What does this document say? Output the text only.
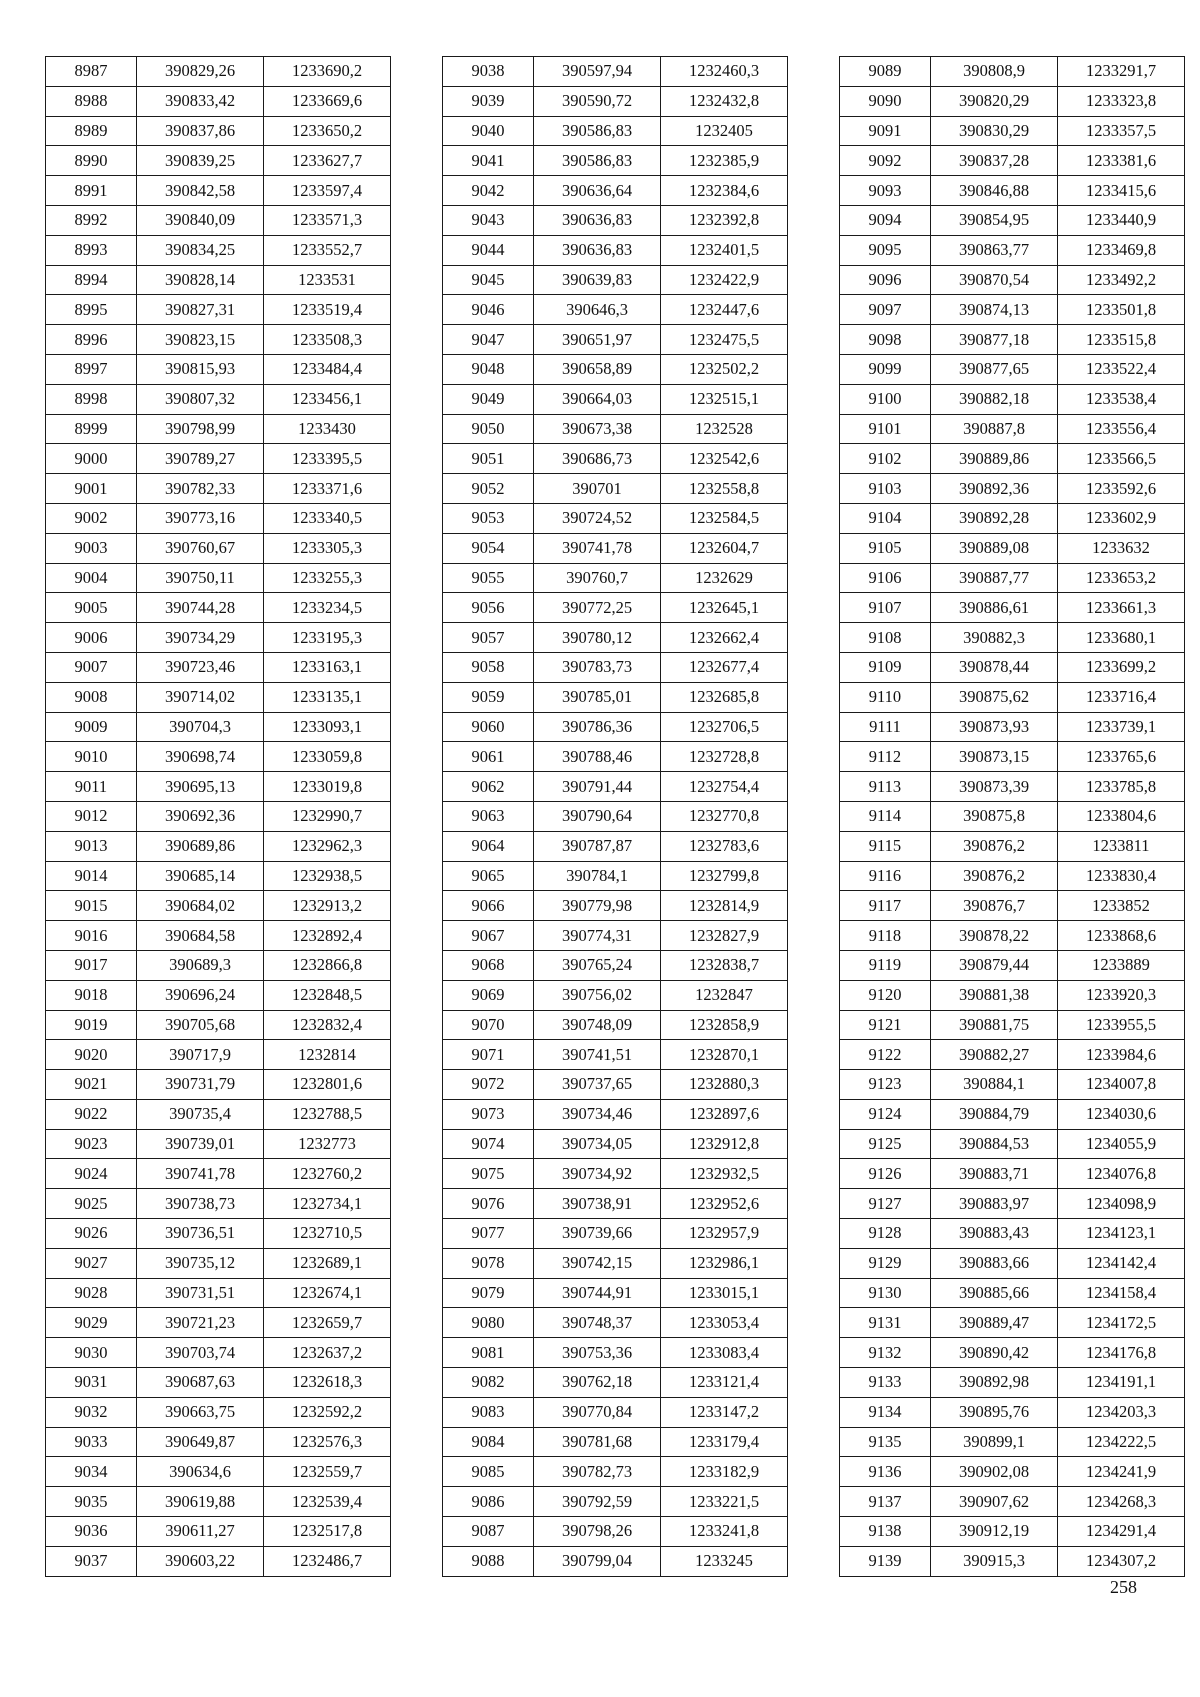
8987	390829,26	1233690,2
8988	390833,42	1233669,6
8989	390837,86	1233650,2
8990	390839,25	1233627,7
8991	390842,58	1233597,4
8992	390840,09	1233571,3
8993	390834,25	1233552,7
8994	390828,14	1233531
8995	390827,31	1233519,4
8996	390823,15	1233508,3
8997	390815,93	1233484,4
8998	390807,32	1233456,1
8999	390798,99	1233430
9000	390789,27	1233395,5
9001	390782,33	1233371,6
9002	390773,16	1233340,5
9003	390760,67	1233305,3
9004	390750,11	1233255,3
9005	390744,28	1233234,5
9006	390734,29	1233195,3
9007	390723,46	1233163,1
9008	390714,02	1233135,1
9009	390704,3	1233093,1
9010	390698,74	1233059,8
9011	390695,13	1233019,8
9012	390692,36	1232990,7
9013	390689,86	1232962,3
9014	390685,14	1232938,5
9015	390684,02	1232913,2
9016	390684,58	1232892,4
9017	390689,3	1232866,8
9018	390696,24	1232848,5
9019	390705,68	1232832,4
9020	390717,9	1232814
9021	390731,79	1232801,6
9022	390735,4	1232788,5
9023	390739,01	1232773
9024	390741,78	1232760,2
9025	390738,73	1232734,1
9026	390736,51	1232710,5
9027	390735,12	1232689,1
9028	390731,51	1232674,1
9029	390721,23	1232659,7
9030	390703,74	1232637,2
9031	390687,63	1232618,3
9032	390663,75	1232592,2
9033	390649,87	1232576,3
9034	390634,6	1232559,7
9035	390619,88	1232539,4
9036	390611,27	1232517,8
9037	390603,22	1232486,7
9038	390597,94	1232460,3
9039	390590,72	1232432,8
9040	390586,83	1232405
9041	390586,83	1232385,9
9042	390636,64	1232384,6
9043	390636,83	1232392,8
9044	390636,83	1232401,5
9045	390639,83	1232422,9
9046	390646,3	1232447,6
9047	390651,97	1232475,5
9048	390658,89	1232502,2
9049	390664,03	1232515,1
9050	390673,38	1232528
9051	390686,73	1232542,6
9052	390701	1232558,8
9053	390724,52	1232584,5
9054	390741,78	1232604,7
9055	390760,7	1232629
9056	390772,25	1232645,1
9057	390780,12	1232662,4
9058	390783,73	1232677,4
9059	390785,01	1232685,8
9060	390786,36	1232706,5
9061	390788,46	1232728,8
9062	390791,44	1232754,4
9063	390790,64	1232770,8
9064	390787,87	1232783,6
9065	390784,1	1232799,8
9066	390779,98	1232814,9
9067	390774,31	1232827,9
9068	390765,24	1232838,7
9069	390756,02	1232847
9070	390748,09	1232858,9
9071	390741,51	1232870,1
9072	390737,65	1232880,3
9073	390734,46	1232897,6
9074	390734,05	1232912,8
9075	390734,92	1232932,5
9076	390738,91	1232952,6
9077	390739,66	1232957,9
9078	390742,15	1232986,1
9079	390744,91	1233015,1
9080	390748,37	1233053,4
9081	390753,36	1233083,4
9082	390762,18	1233121,4
9083	390770,84	1233147,2
9084	390781,68	1233179,4
9085	390782,73	1233182,9
9086	390792,59	1233221,5
9087	390798,26	1233241,8
9088	390799,04	1233245
9089	390808,9	1233291,7
9090	390820,29	1233323,8
9091	390830,29	1233357,5
9092	390837,28	1233381,6
9093	390846,88	1233415,6
9094	390854,95	1233440,9
9095	390863,77	1233469,8
9096	390870,54	1233492,2
9097	390874,13	1233501,8
9098	390877,18	1233515,8
9099	390877,65	1233522,4
9100	390882,18	1233538,4
9101	390887,8	1233556,4
9102	390889,86	1233566,5
9103	390892,36	1233592,6
9104	390892,28	1233602,9
9105	390889,08	1233632
9106	390887,77	1233653,2
9107	390886,61	1233661,3
9108	390882,3	1233680,1
9109	390878,44	1233699,2
9110	390875,62	1233716,4
9111	390873,93	1233739,1
9112	390873,15	1233765,6
9113	390873,39	1233785,8
9114	390875,8	1233804,6
9115	390876,2	1233811
9116	390876,2	1233830,4
9117	390876,7	1233852
9118	390878,22	1233868,6
9119	390879,44	1233889
9120	390881,38	1233920,3
9121	390881,75	1233955,5
9122	390882,27	1233984,6
9123	390884,1	1234007,8
9124	390884,79	1234030,6
9125	390884,53	1234055,9
9126	390883,71	1234076,8
9127	390883,97	1234098,9
9128	390883,43	1234123,1
9129	390883,66	1234142,4
9130	390885,66	1234158,4
9131	390889,47	1234172,5
9132	390890,42	1234176,8
9133	390892,98	1234191,1
9134	390895,76	1234203,3
9135	390899,1	1234222,5
9136	390902,08	1234241,9
9137	390907,62	1234268,3
9138	390912,19	1234291,4
9139	390915,3	1234307,2
258
